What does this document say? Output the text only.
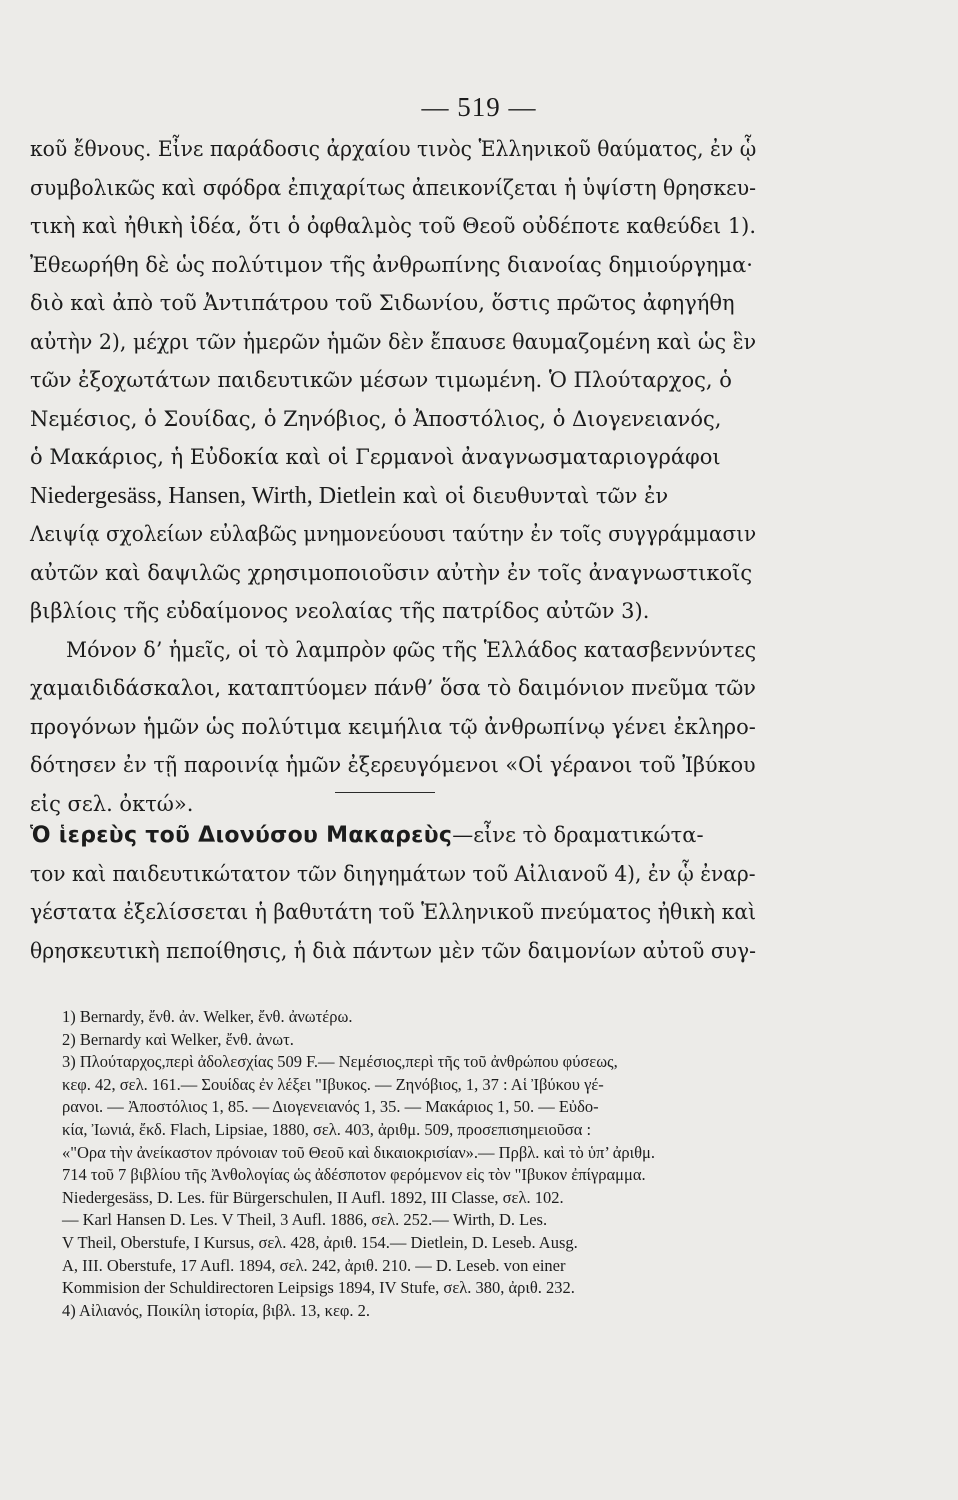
— 519 —
κοῦ ἔθνους. Εἶνε παράδοσις ἀρχαίου τινὸς Ἑλληνικοῦ θαύματος, ἐν ᾧ
συμβολικῶς καὶ σφόδρα ἐπιχαρίτως ἀπεικονίζεται ἡ ὑψίστη θρησκευ-
τικὴ καὶ ἠθικὴ ἰδέα, ὅτι ὁ ὀφθαλμὸς τοῦ Θεοῦ οὐδέποτε καθεύδει 1).
Ἐθεωρήθη δὲ ὡς πολύτιμον τῆς ἀνθρωπίνης διανοίας δημιούργημα·
διὸ καὶ ἀπὸ τοῦ Ἀντιπάτρου τοῦ Σιδωνίου, ὅστις πρῶτος ἀφηγήθη
αὐτὴν 2), μέχρι τῶν ἡμερῶν ἡμῶν δὲν ἔπαυσε θαυμαζομένη καὶ ὡς ἓν
τῶν ἐξοχωτάτων παιδευτικῶν μέσων τιμωμένη. Ὁ Πλούταρχος, ὁ
Νεμέσιος, ὁ Σουίδας, ὁ Ζηνόβιος, ὁ Ἀποστόλιος, ὁ Διογενειανός,
ὁ Μακάριος, ἡ Εὐδοκία καὶ οἱ Γερμανοὶ ἀναγνωσματαριογράφοι
Niedergesäss, Hansen, Wirth, Dietlein καὶ οἱ διευθυνταὶ τῶν ἐν
Λειψίᾳ σχολείων εὐλαβῶς μνημονεύουσι ταύτην ἐν τοῖς συγγράμμασιν
αὐτῶν καὶ δαψιλῶς χρησιμοποιοῦσιν αὐτὴν ἐν τοῖς ἀναγνωστικοῖς
βιβλίοις τῆς εὐδαίμονος νεολαίας τῆς πατρίδος αὐτῶν 3).
Μόνον δ’ ἡμεῖς, οἱ τὸ λαμπρὸν φῶς τῆς Ἑλλάδος κατασβεννύντες
χαμαιδιδάσκαλοι, καταπτύομεν πάνθ’ ὅσα τὸ δαιμόνιον πνεῦμα τῶν
προγόνων ἡμῶν ὡς πολύτιμα κειμήλια τῷ ἀνθρωπίνῳ γένει ἐκληρο-
δότησεν ἐν τῇ παροινίᾳ ἡμῶν ἐξερευγόμενοι «Οἱ γέρανοι τοῦ Ἰβύκου
εἰς σελ. ὀκτώ».
Ὁ ἱερεὺς τοῦ Διονύσου Μακαρεὺς—εἶνε τὸ δραματικώτα-
τον καὶ παιδευτικώτατον τῶν διηγημάτων τοῦ Αἰλιανοῦ 4), ἐν ᾧ ἐναρ-
γέστατα ἐξελίσσεται ἡ βαθυτάτη τοῦ Ἑλληνικοῦ πνεύματος ἠθικὴ καὶ
θρησκευτικὴ πεποίθησις, ἡ διὰ πάντων μὲν τῶν δαιμονίων αὐτοῦ συγ-
1) Bernardy, ἔνθ. ἀν. Welker, ἔνθ. ἀνωτέρω.
2) Bernardy καὶ Welker, ἔνθ. ἀνωτ.
3) Πλούταρχος,περὶ ἀδολεσχίας 509 F.— Νεμέσιος,περὶ τῆς τοῦ ἀνθρώπου φύσεως,
κεφ. 42, σελ. 161.— Σουίδας ἐν λέξει "Ιβυκος. — Ζηνόβιος, 1, 37 : Αἱ Ἰβύκου γέ-
ρανοι. — Ἀποστόλιος 1, 85. — Διογενειανός 1, 35. — Μακάριος 1, 50. — Εὐδο-
κία, Ἰωνιά, ἔκδ. Flach, Lipsiae, 1880, σελ. 403, ἀριθμ. 509, προσεπισημειοῦσα :
«"Ορα τὴν ἀνείκαστον πρόνοιαν τοῦ Θεοῦ καὶ δικαιοκρισίαν».— Πρβλ. καὶ τὸ ὑπ’ ἀριθμ.
714 τοῦ 7 βιβλίου τῆς Ἀνθολογίας ὡς ἀδέσποτον φερόμενον εἰς τὸν "Ιβυκον ἐπίγραμμα.
Niedergesäss, D. Les. für Bürgerschulen, II Aufl. 1892, III Classe, σελ. 102.
— Karl Hansen D. Les. V Theil, 3 Aufl. 1886, σελ. 252.— Wirth, D. Les.
V Theil, Oberstufe, I Kursus, σελ. 428, ἀριθ. 154.— Dietlein, D. Leseb. Ausg.
A, III. Oberstufe, 17 Aufl. 1894, σελ. 242, ἀριθ. 210. — D. Leseb. von einer
Kommision der Schuldirectoren Leipsigs 1894, IV Stufe, σελ. 380, ἀριθ. 232.
4) Αἰλιανός, Ποικίλη ἱστορία, βιβλ. 13, κεφ. 2.
